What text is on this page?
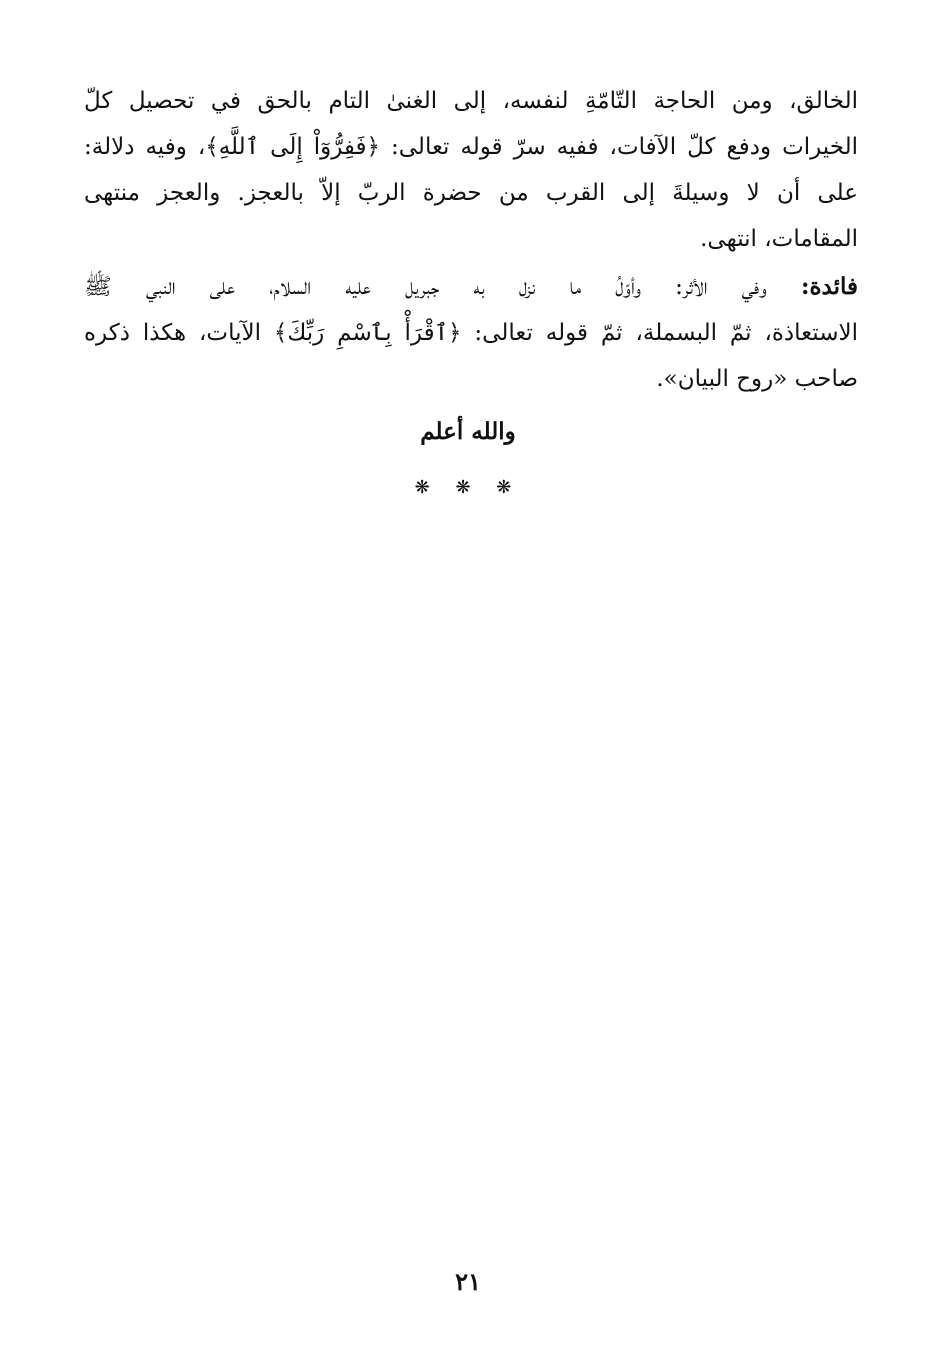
الخالق، ومن الحاجة التّامّةِ لنفسه، إلى الغنىٰ التام بالحق في تحصيل كلّ
الخيرات ودفع كلّ الآفات، ففيه سرّ قوله تعالى: ﴿فَفِرُّوٓاْ إِلَى ٱللَّهِ﴾، وفيه دلالة:
على أن لا وسيلةَ إلى القرب من حضرة الربّ إلاّ بالعجز. والعجز منتهى
المقامات، انتهى.
فائدة: وفي الأثر: وأوّلُ ما نزل به جبريل عليه السلام، على النبي ﷺ
الاستعاذة، ثمّ البسملة، ثمّ قوله تعالى: ﴿ٱقْرَأْ بِٱسْمِ رَبِّكَ﴾ الآيات، هكذا ذكره
صاحب «روح البيان».
والله أعلم
❋ ❋ ❋
٢١
